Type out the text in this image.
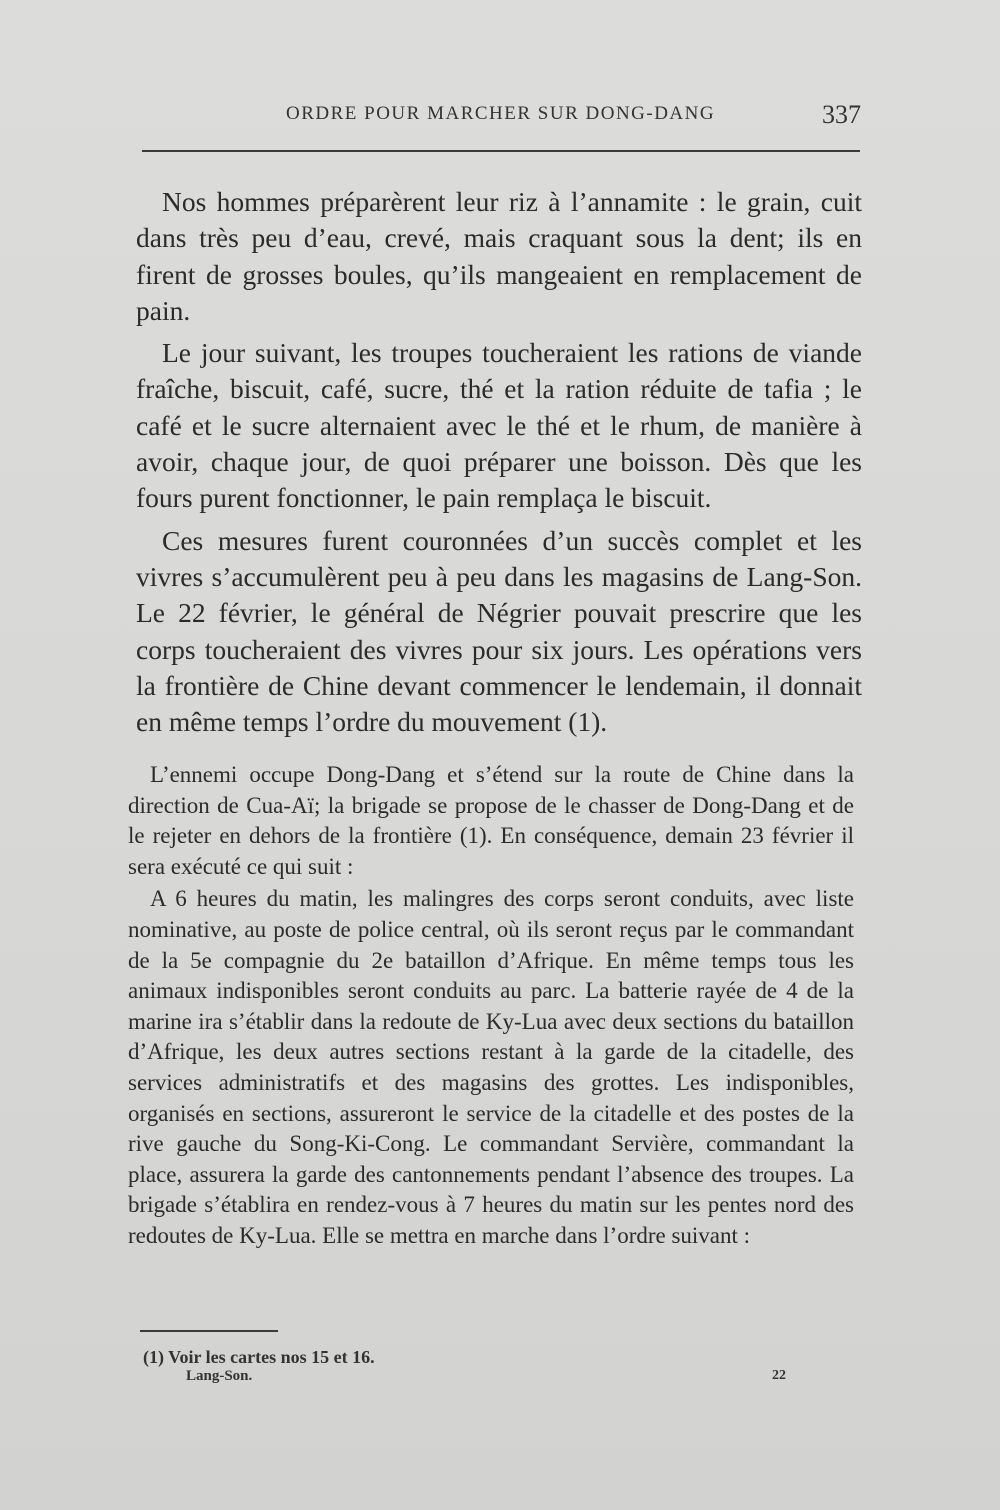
ORDRE POUR MARCHER SUR DONG-DANG	337

Nos hommes préparèrent leur riz à l’annamite : le grain, cuit dans très peu d’eau, crevé, mais craquant sous la dent; ils en firent de grosses boules, qu’ils mangeaient en remplacement de pain.

Le jour suivant, les troupes toucheraient les rations de viande fraîche, biscuit, café, sucre, thé et la ration réduite de tafia ; le café et le sucre alternaient avec le thé et le rhum, de manière à avoir, chaque jour, de quoi préparer une boisson. Dès que les fours purent fonctionner, le pain remplaça le biscuit.

Ces mesures furent couronnées d’un succès complet et les vivres s’accumulèrent peu à peu dans les magasins de Lang-Son. Le 22 février, le général de Négrier pouvait prescrire que les corps toucheraient des vivres pour six jours. Les opérations vers la frontière de Chine devant commencer le lendemain, il donnait en même temps l’ordre du mouvement (1).

L’ennemi occupe Dong-Dang et s’étend sur la route de Chine dans la direction de Cua-Aï; la brigade se propose de le chasser de Dong-Dang et de le rejeter en dehors de la frontière (1). En conséquence, demain 23 février il sera exécuté ce qui suit :

A 6 heures du matin, les malingres des corps seront conduits, avec liste nominative, au poste de police central, où ils seront reçus par le commandant de la 5e compagnie du 2e bataillon d’Afrique. En même temps tous les animaux indisponibles seront conduits au parc. La batterie rayée de 4 de la marine ira s’établir dans la redoute de Ky-Lua avec deux sections du bataillon d’Afrique, les deux autres sections restant à la garde de la citadelle, des services administratifs et des magasins des grottes. Les indisponibles, organisés en sections, assureront le service de la citadelle et des postes de la rive gauche du Song-Ki-Cong. Le commandant Servière, commandant la place, assurera la garde des cantonnements pendant l’absence des troupes. La brigade s’établira en rendez-vous à 7 heures du matin sur les pentes nord des redoutes de Ky-Lua. Elle se mettra en marche dans l’ordre suivant :

(1) Voir les cartes nos 15 et 16.
Lang-Son.	22
